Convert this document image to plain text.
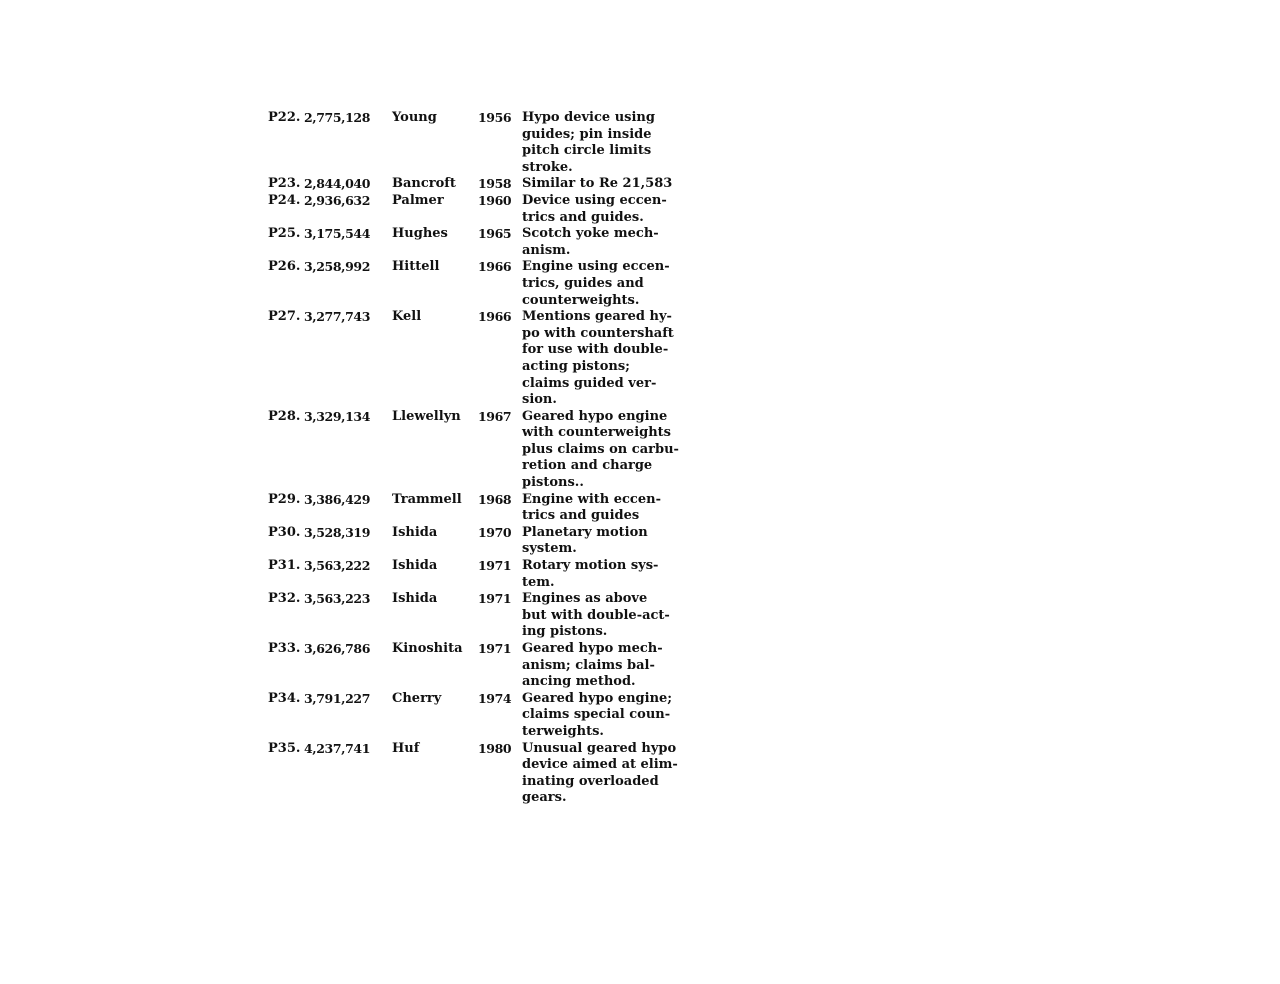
P22. 2,775,128 Young	1956 Hypo device using
guides; pin inside
pitch circle limits
stroke.
P23. 2,844,040 Bancroft 1958 Similar to Re 21,583
P24. 2,936,632 Palmer	1960 Device using eccen-
trics and guides.
P25. 3,175,544 Hughes 1965 Scotch yoke mech-
anism.
P26. 3,258,992 Hittell	1966 Engine using eccen-
trics, guides and
counterweights.
P27. 3,277,743 Kell	1966 Mentions geared hy-
po with countershaft
for use with double-
acting pistons;
claims guided ver-
sion.
P28. 3,329,134 Llewellyn 1967 Geared hypo engine
with counterweights
plus claims on carbu-
retion and charge
pistons..
P29. 3,386,429 Trammell 1968 Engine with eccen-
trics and guides
P30. 3,528,319 Ishida	1970 Planetary motion
system.
P31. 3,563,222 Ishida	1971 Rotary motion sys-
tem.
P32. 3,563,223 Ishida	1971 Engines as above
but with double-act-
ing pistons.
P33. 3,626,786 Kinoshita 1971 Geared hypo mech-
anism; claims bal-
ancing method.
P34. 3,791,227 Cherry	1974 Geared hypo engine;
claims special coun-
terweights.
P35. 4,237,741 Huf	1980 Unusual geared hypo
device aimed at elim-
inating overloaded
gears.
